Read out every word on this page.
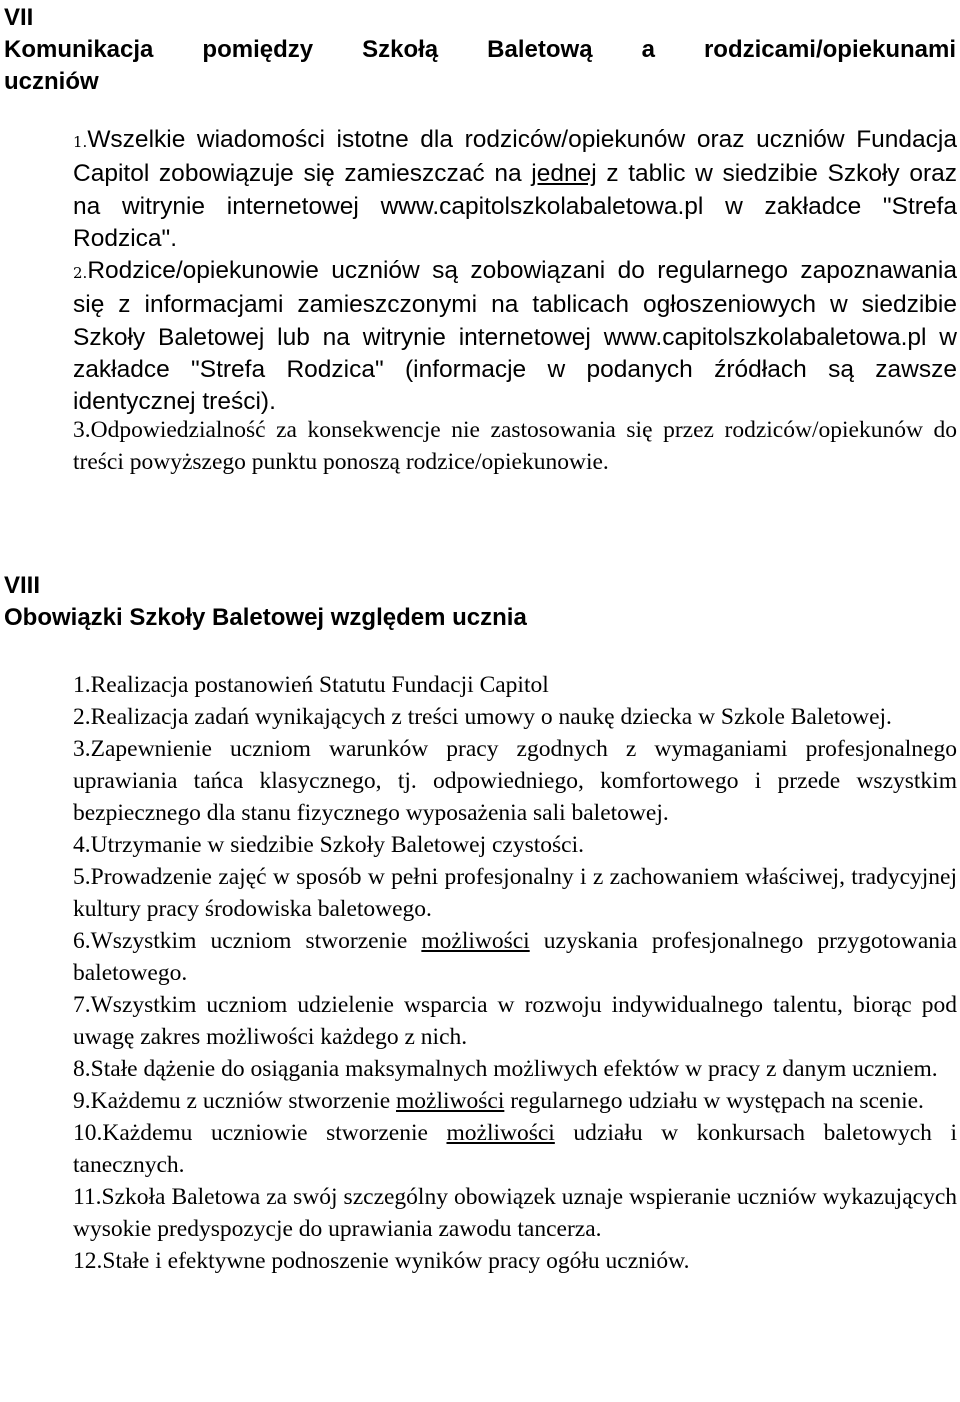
VII
Komunikacja pomiędzy Szkołą Baletową a rodzicami/opiekunami
uczniów

1.Wszelkie wiadomości istotne dla rodziców/opiekunów oraz uczniów Fundacja Capitol zobowiązuje się zamieszczać na jednej z tablic w siedzibie Szkoły oraz na witrynie internetowej www.capitolszkolabaletowa.pl w zakładce "Strefa Rodzica".

2.Rodzice/opiekunowie uczniów są zobowiązani do regularnego zapoznawania się z informacjami zamieszczonymi na tablicach ogłoszeniowych w siedzibie Szkoły Baletowej lub na witrynie internetowej www.capitolszkolabaletowa.pl w zakładce "Strefa Rodzica" (informacje w podanych źródłach są zawsze identycznej treści).

3.Odpowiedzialność za konsekwencje nie zastosowania się przez rodziców/opiekunów do treści powyższego punktu ponoszą rodzice/opiekunowie.

VIII
Obowiązki Szkoły Baletowej względem ucznia

1.Realizacja postanowień Statutu Fundacji Capitol

2.Realizacja zadań wynikających z treści umowy o naukę dziecka w Szkole Baletowej.

3.Zapewnienie uczniom warunków pracy zgodnych z wymaganiami profesjonalnego uprawiania tańca klasycznego, tj. odpowiedniego, komfortowego i przede wszystkim bezpiecznego dla stanu fizycznego wyposażenia sali baletowej.

4.Utrzymanie w siedzibie Szkoły Baletowej czystości.

5.Prowadzenie zajęć w sposób w pełni profesjonalny i z zachowaniem właściwej, tradycyjnej kultury pracy środowiska baletowego.

6.Wszystkim uczniom stworzenie możliwości uzyskania profesjonalnego przygotowania baletowego.

7.Wszystkim uczniom udzielenie wsparcia w rozwoju indywidualnego talentu, biorąc pod uwagę zakres możliwości każdego z nich.

8.Stałe dążenie do osiągania maksymalnych możliwych efektów w pracy z danym uczniem.

9.Każdemu z uczniów stworzenie możliwości regularnego udziału w występach na scenie.

10.Każdemu uczniowie stworzenie możliwości udziału w konkursach baletowych i tanecznych.

11.Szkoła Baletowa za swój szczególny obowiązek uznaje wspieranie uczniów wykazujących wysokie predyspozycje do uprawiania zawodu tancerza.

12.Stałe i efektywne podnoszenie wyników pracy ogółu uczniów.
